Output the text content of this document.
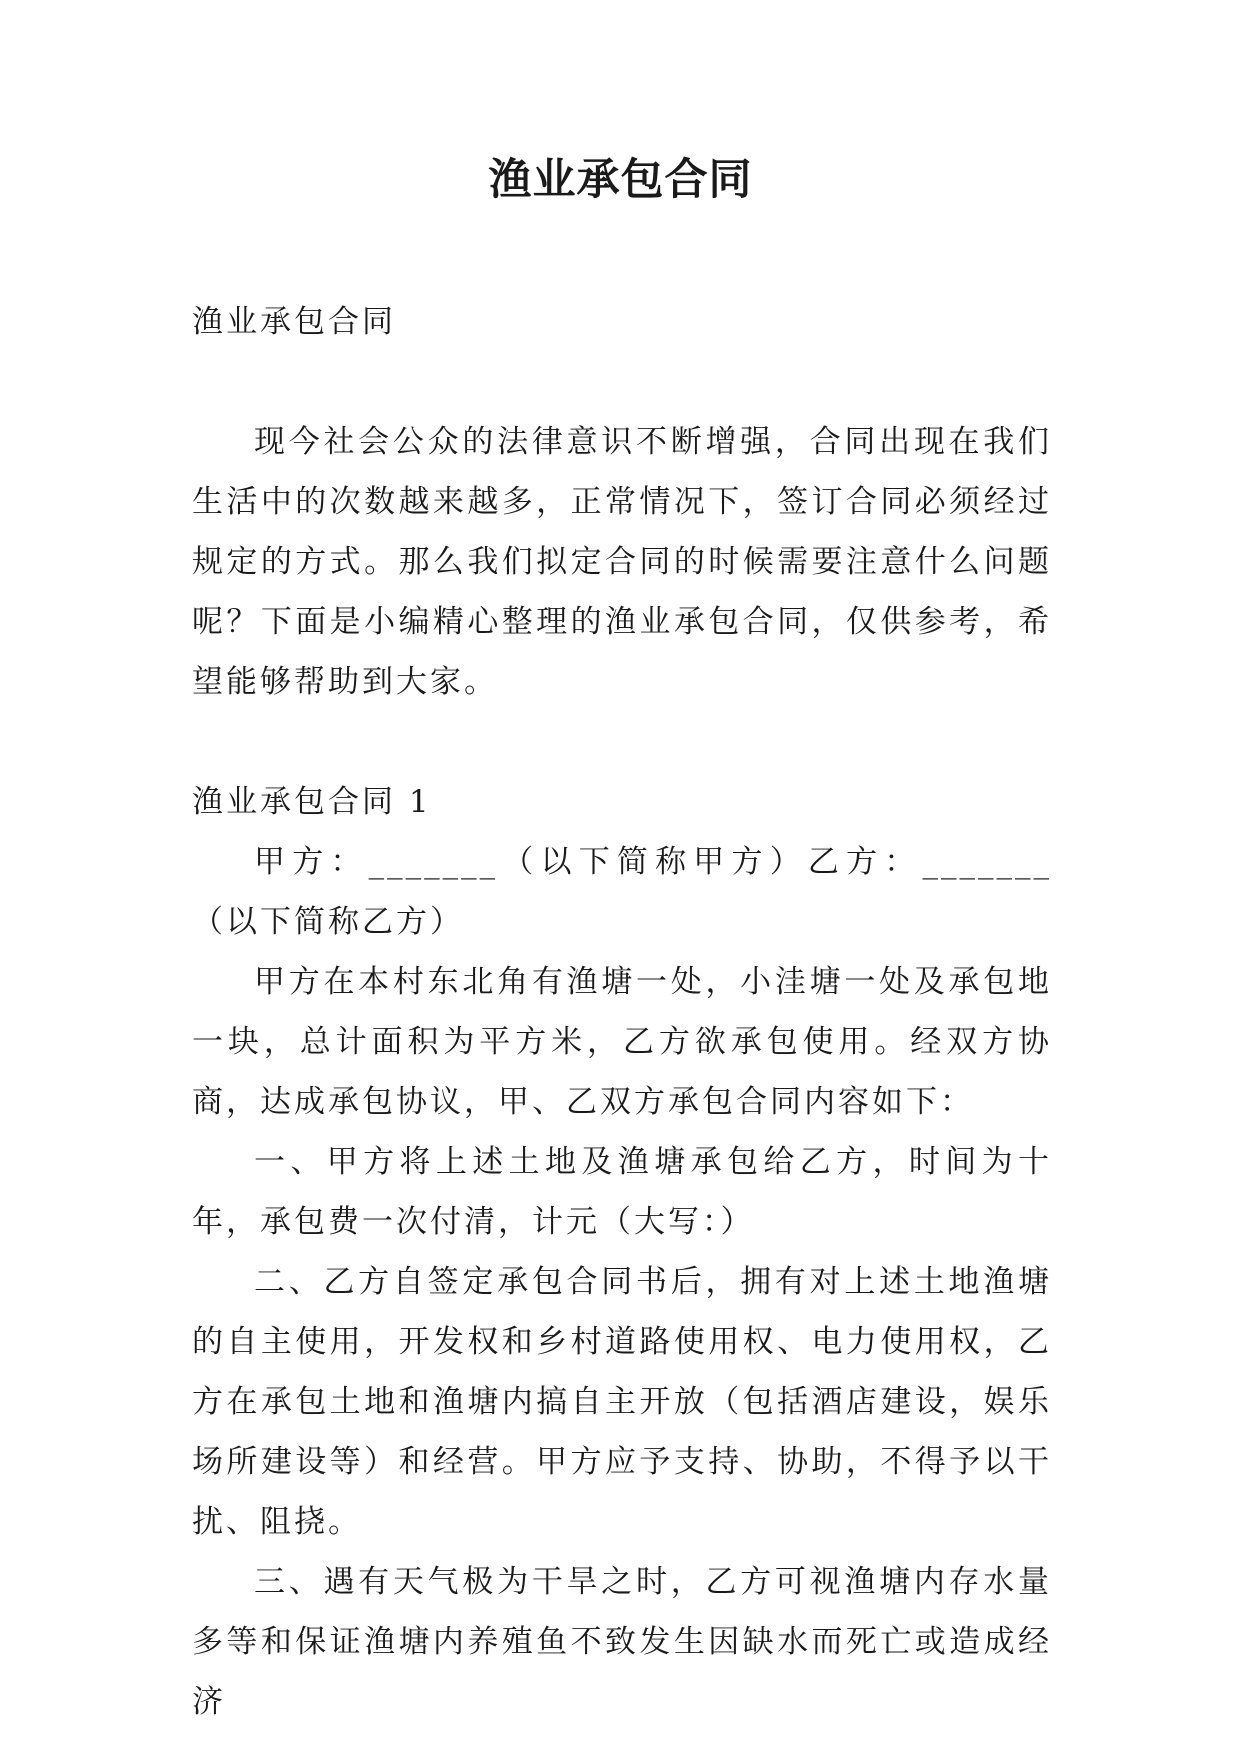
渔业承包合同

渔业承包合同

现今社会公众的法律意识不断增强，合同出现在我们生活中的次数越来越多，正常情况下，签订合同必须经过规定的方式。那么我们拟定合同的时候需要注意什么问题呢？下面是小编精心整理的渔业承包合同，仅供参考，希望能够帮助到大家。

渔业承包合同 1

甲方：_______（以下简称甲方）乙方：_______（以下简称乙方）

甲方在本村东北角有渔塘一处，小洼塘一处及承包地一块，总计面积为平方米，乙方欲承包使用。经双方协商，达成承包协议，甲、乙双方承包合同内容如下：

一、甲方将上述土地及渔塘承包给乙方，时间为十年，承包费一次付清，计元（大写：）

二、乙方自签定承包合同书后，拥有对上述土地渔塘的自主使用，开发权和乡村道路使用权、电力使用权，乙方在承包土地和渔塘内搞自主开放（包括酒店建设，娱乐场所建设等）和经营。甲方应予支持、协助，不得予以干扰、阻挠。

三、遇有天气极为干旱之时，乙方可视渔塘内存水量多等和保证渔塘内养殖鱼不致发生因缺水而死亡或造成经济
